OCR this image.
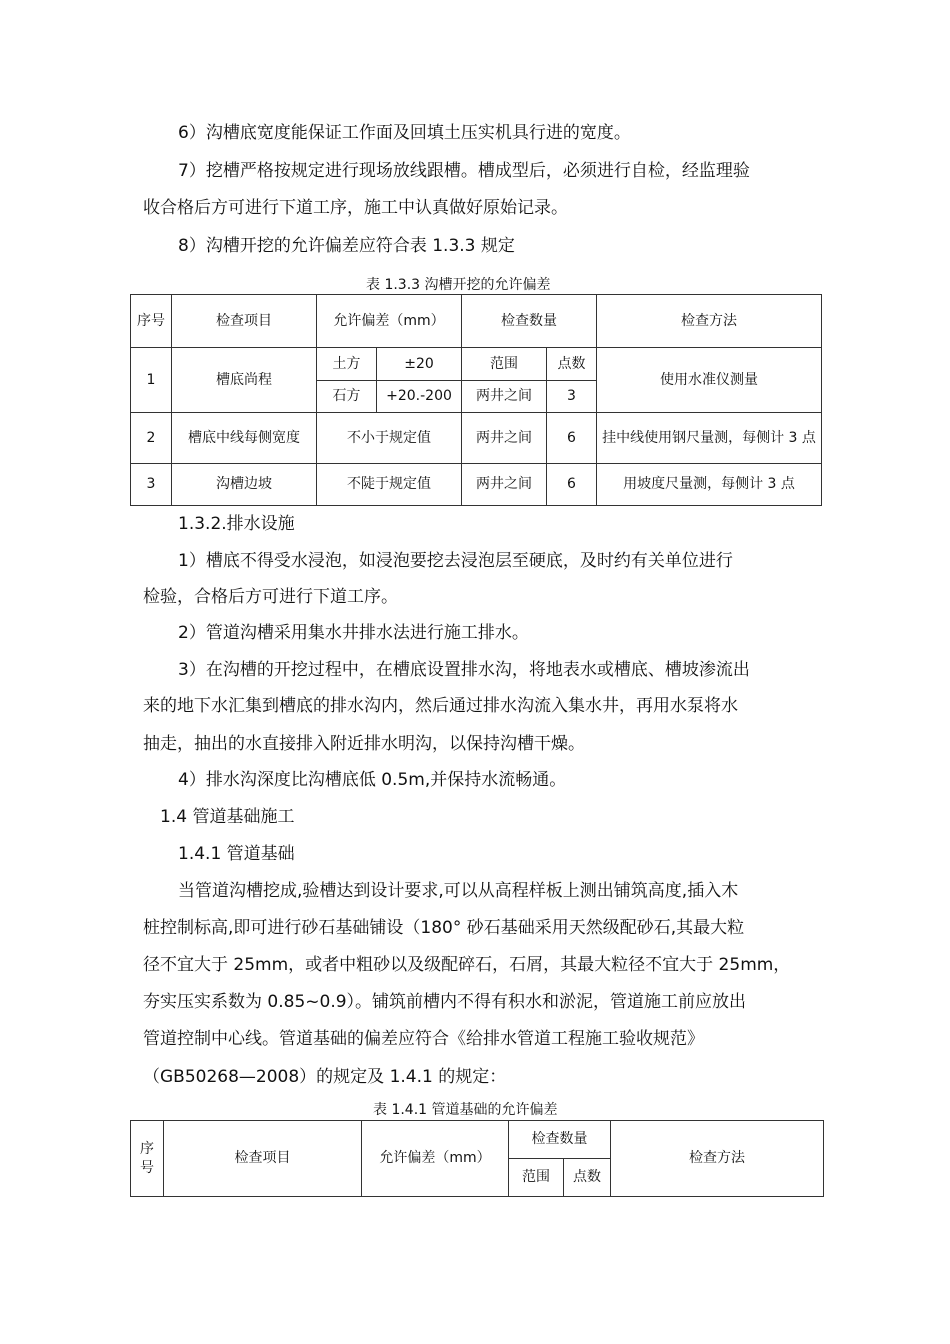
6）沟槽底宽度能保证工作面及回填土压实机具行进的宽度。
7）挖槽严格按规定进行现场放线跟槽。槽成型后，必须进行自检，经监理验
收合格后方可进行下道工序，施工中认真做好原始记录。
8）沟槽开挖的允许偏差应符合表 1.3.3 规定
表 1.3.3 沟槽开挖的允许偏差
序号	检查项目	允许偏差（mm）		检查数量		检查方法
1	槽底尚程	土方	±20	范围	点数	使用水准仪测量
		石方	+20.-200	两井之间	3	
2	槽底中线每侧宽度	不小于规定值		两井之间	6	挂中线使用钢尺量测，每侧计 3 点
3	沟槽边坡	不陡于规定值		两井之间	6	用坡度尺量测，每侧计 3 点
1.3.2.排水设施
1）槽底不得受水浸泡，如浸泡要挖去浸泡层至硬底，及时约有关单位进行
检验，合格后方可进行下道工序。
2）管道沟槽采用集水井排水法进行施工排水。
3）在沟槽的开挖过程中，在槽底设置排水沟，将地表水或槽底、槽坡渗流出
来的地下水汇集到槽底的排水沟内，然后通过排水沟流入集水井，再用水泵将水
抽走，抽出的水直接排入附近排水明沟，以保持沟槽干燥。
4）排水沟深度比沟槽底低 0.5m,并保持水流畅通。
1.4 管道基础施工
1.4.1 管道基础
当管道沟槽挖成,验槽达到设计要求,可以从高程样板上测出铺筑高度,插入木
桩控制标高,即可进行砂石基础铺设（180° 砂石基础采用天然级配砂石,其最大粒
径不宜大于 25mm，或者中粗砂以及级配碎石，石屑，其最大粒径不宜大于 25mm，
夯实压实系数为 0.85~0.9）。铺筑前槽内不得有积水和淤泥，管道施工前应放出
管道控制中心线。管道基础的偏差应符合《给排水管道工程施工验收规范》
（GB50268—2008）的规定及 1.4.1 的规定：
表 1.4.1 管道基础的允许偏差
序号	检查项目	允许偏差（mm）	检查数量		检查方法
			范围	点数	
